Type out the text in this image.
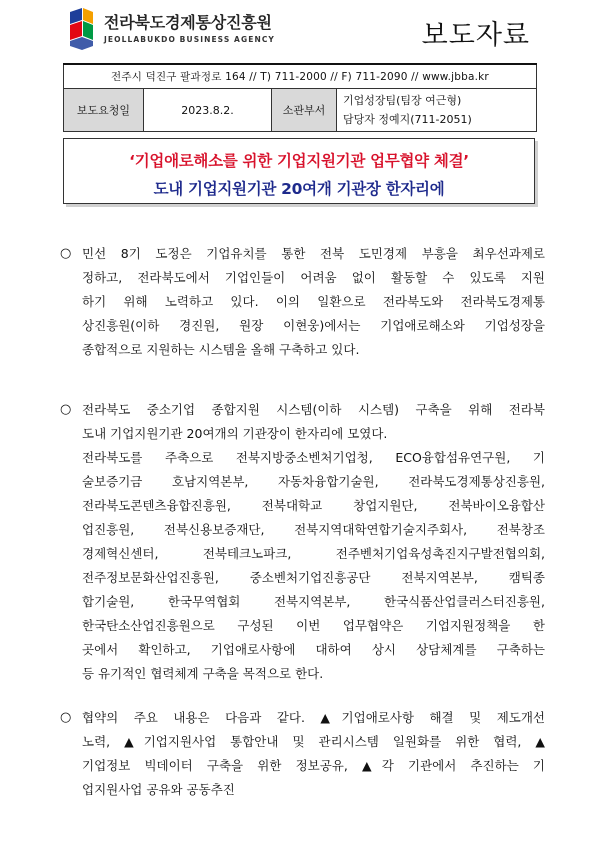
전라북도경제통상진흥원
JEOLLABUKDO BUSINESS AGENCY	보도자료
전주시 덕진구 팔과정로 164 // T) 711-2000 // F) 711-2090 // www.jbba.kr
보도요청일	2023.8.2.	소관부서	
기업성장팀(팀장 여근형)
담당자 정예지(711-2051)
‘기업애로해소를 위한 기업지원기관 업무협약 체결’
도내 기업지원기관 20여개 기관장 한자리에
○ 민선 8기 도정은 기업유치를 통한 전북 도민경제 부흥을 최우선과제로
정하고, 전라북도에서 기업인들이 어려움 없이 활동할 수 있도록 지원
하기 위해 노력하고 있다. 이의 일환으로 전라북도와 전라북도경제통
상진흥원(이하 경진원, 원장 이현웅)에서는 기업애로해소와 기업성장을
종합적으로 지원하는 시스템을 올해 구축하고 있다.
○ 전라북도 중소기업 종합지원 시스템(이하 시스템) 구축을 위해 전라북
도내 기업지원기관 20여개의 기관장이 한자리에 모였다.
전라북도를 주축으로 전북지방중소벤처기업청, ECO융합섬유연구원, 기
술보증기금 호남지역본부, 자동차융합기술원, 전라북도경제통상진흥원,
전라북도콘텐츠융합진흥원, 전북대학교 창업지원단, 전북바이오융합산
업진흥원, 전북신용보증재단, 전북지역대학연합기술지주회사, 전북창조
경제혁신센터, 전북테크노파크, 전주벤처기업육성촉진지구발전협의회,
전주정보문화산업진흥원, 중소벤처기업진흥공단 전북지역본부, 캠틱종
합기술원, 한국무역협회 전북지역본부, 한국식품산업클러스터진흥원,
한국탄소산업진흥원으로 구성된 이번 업무협약은 기업지원정책을 한
곳에서 확인하고, 기업애로사항에 대하여 상시 상담체계를 구축하는
등 유기적인 협력체계 구축을 목적으로 한다.
○ 협약의 주요 내용은 다음과 같다. ▲기업애로사항 해결 및 제도개선
노력, ▲기업지원사업 통합안내 및 관리시스템 일원화를 위한 협력, ▲
기업정보 빅데이터 구축을 위한 정보공유, ▲각 기관에서 추진하는 기
업지원사업 공유와 공동추진
